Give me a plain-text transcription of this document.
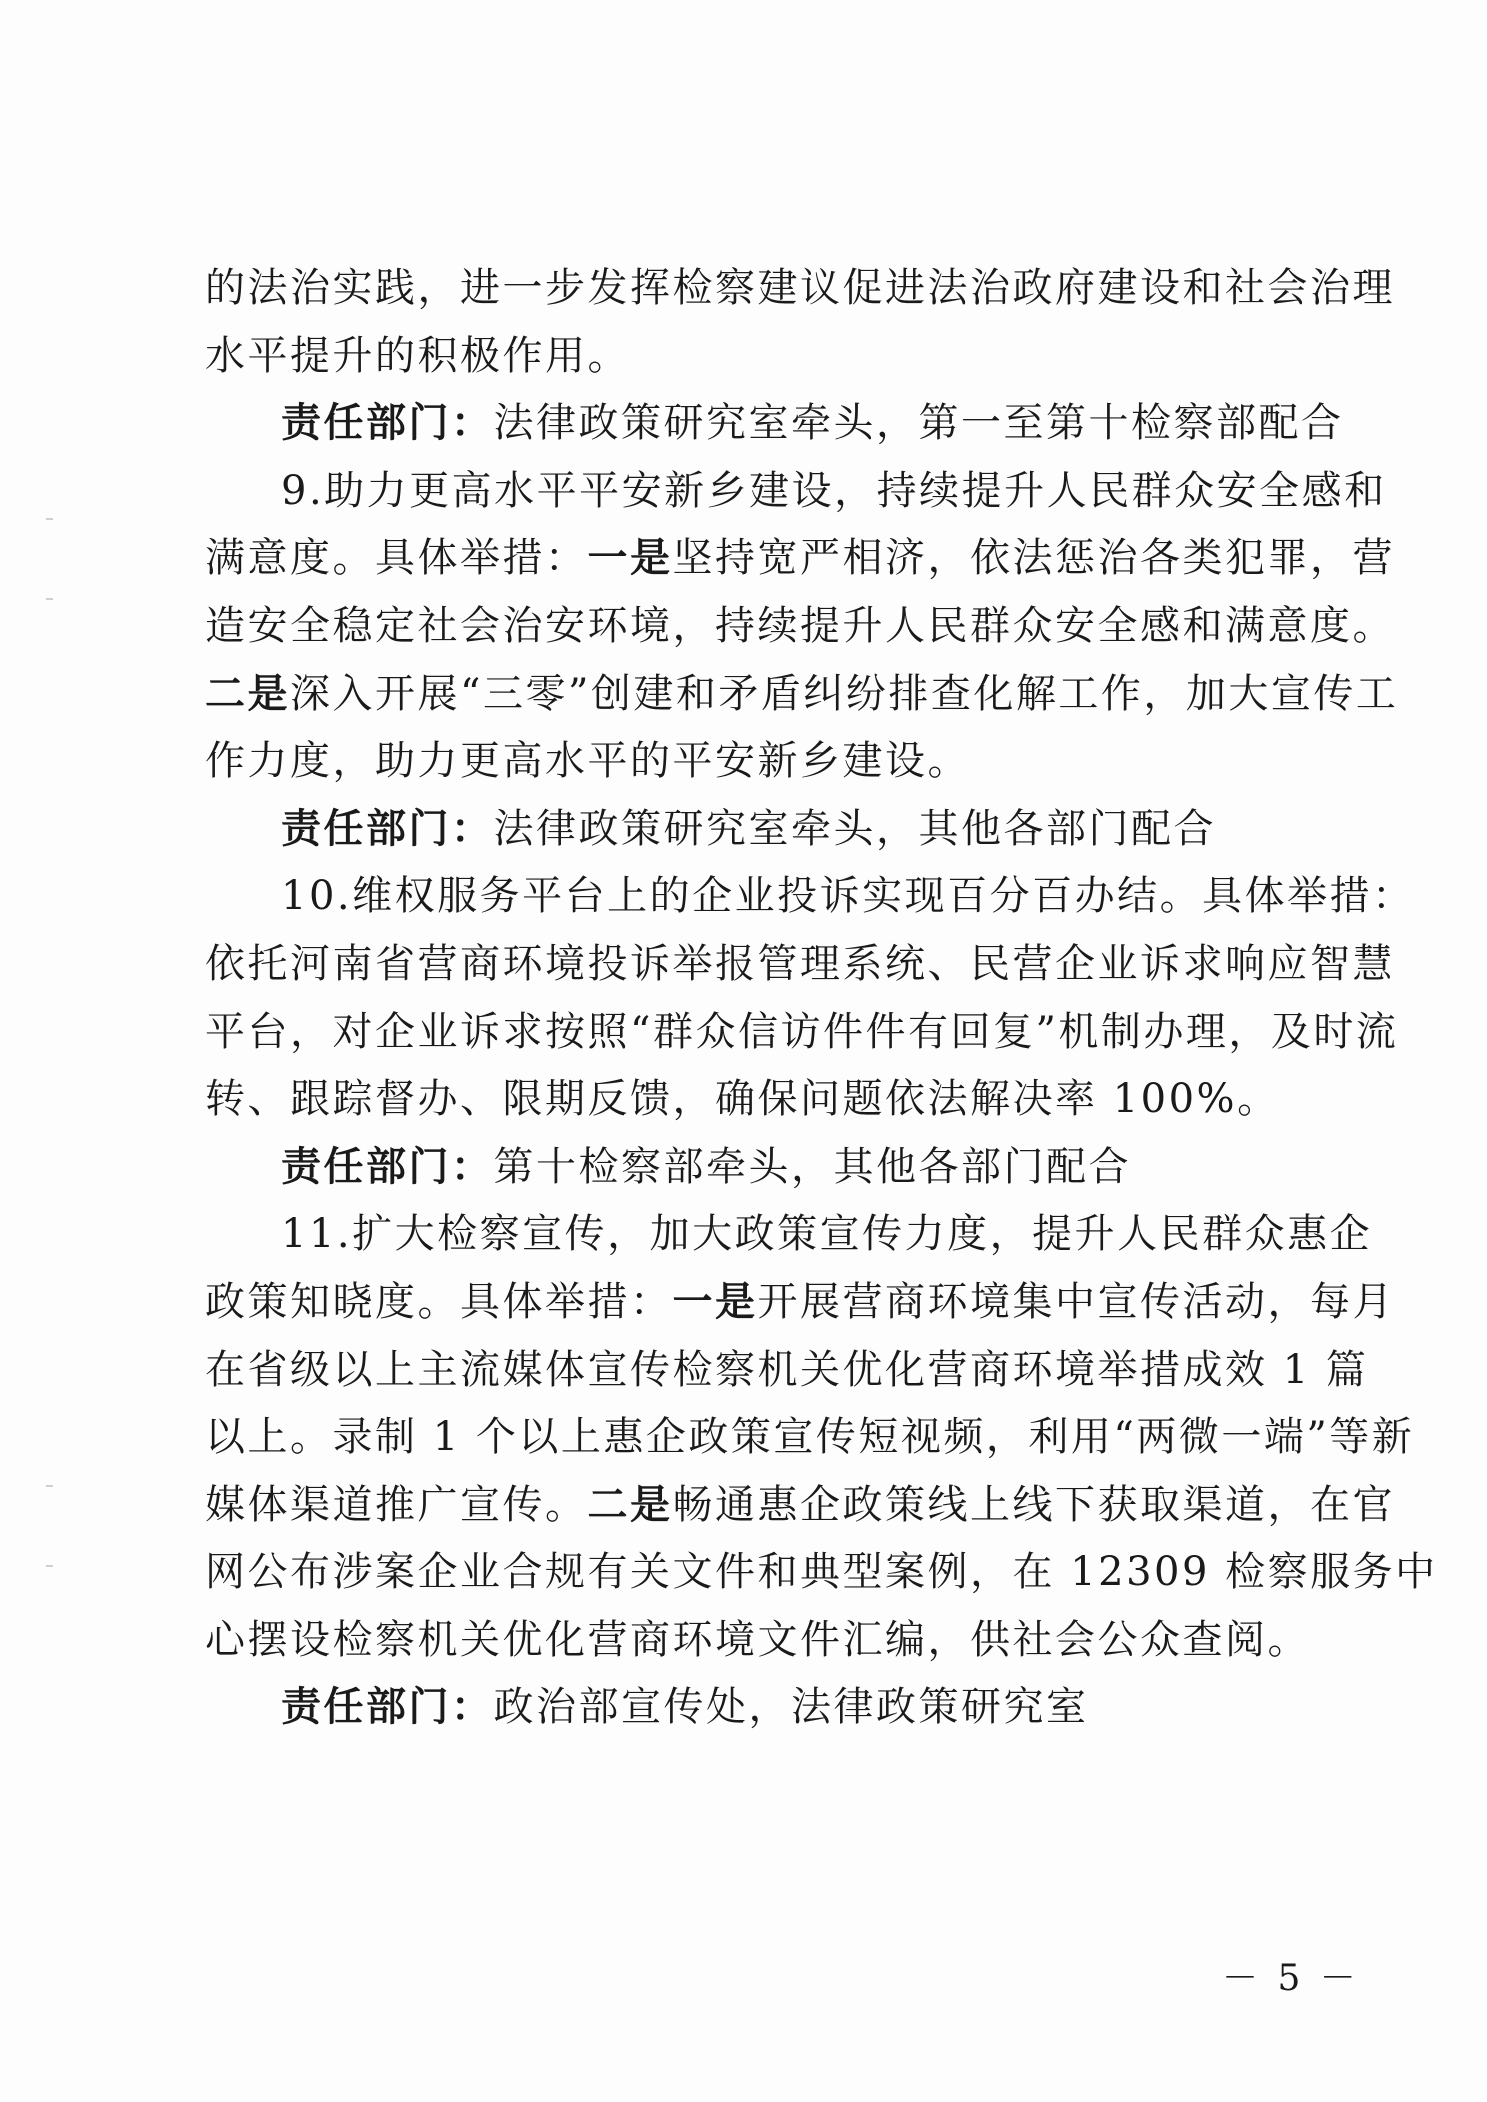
的法治实践，进一步发挥检察建议促进法治政府建设和社会治理
水平提升的积极作用。
责任部门：法律政策研究室牵头，第一至第十检察部配合
9.助力更高水平平安新乡建设，持续提升人民群众安全感和
满意度。具体举措：一是坚持宽严相济，依法惩治各类犯罪，营
造安全稳定社会治安环境，持续提升人民群众安全感和满意度。
二是深入开展“三零”创建和矛盾纠纷排查化解工作，加大宣传工
作力度，助力更高水平的平安新乡建设。
责任部门：法律政策研究室牵头，其他各部门配合
10.维权服务平台上的企业投诉实现百分百办结。具体举措：
依托河南省营商环境投诉举报管理系统、民营企业诉求响应智慧
平台，对企业诉求按照“群众信访件件有回复”机制办理，及时流
转、跟踪督办、限期反馈，确保问题依法解决率 100%。
责任部门：第十检察部牵头，其他各部门配合
11.扩大检察宣传，加大政策宣传力度，提升人民群众惠企
政策知晓度。具体举措：一是开展营商环境集中宣传活动，每月
在省级以上主流媒体宣传检察机关优化营商环境举措成效 1 篇
以上。录制 1 个以上惠企政策宣传短视频，利用“两微一端”等新
媒体渠道推广宣传。二是畅通惠企政策线上线下获取渠道，在官
网公布涉案企业合规有关文件和典型案例，在 12309 检察服务中
心摆设检察机关优化营商环境文件汇编，供社会公众查阅。
责任部门：政治部宣传处，法律政策研究室
－ 5 －
